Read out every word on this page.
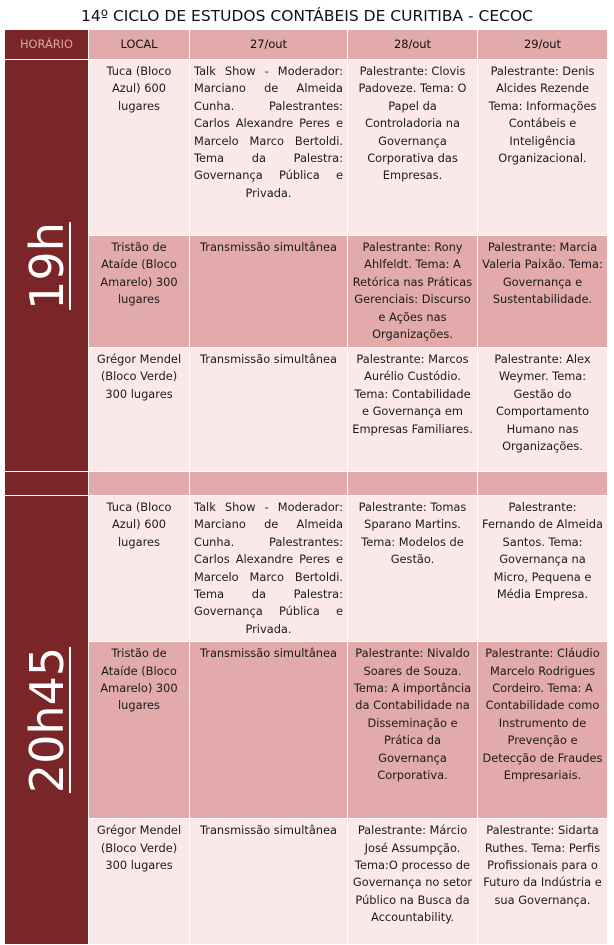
14º CICLO DE ESTUDOS CONTÁBEIS DE CURITIBA - CECOC
HORÁRIO	LOCAL	27/out	28/out	29/out

19h	Tuca (Bloco Azul) 600 lugares	Talk Show - Moderador: Marciano de Almeida Cunha. Palestrantes: Carlos Alexandre Peres e Marcelo Marco Bertoldi. Tema da Palestra: Governança Pública e Privada.	Palestrante: Clovis Padoveze. Tema: O Papel da Controladoria na Governança Corporativa das Empresas.	Palestrante: Denis Alcides Rezende Tema: Informações Contábeis e Inteligência Organizacional.
	Tristão de Ataíde (Bloco Amarelo) 300 lugares	Transmissão simultânea	Palestrante: Rony Ahlfeldt. Tema: A Retórica nas Práticas Gerenciais: Discurso e Ações nas Organizações.	Palestrante: Marcia Valeria Paixão. Tema: Governança e Sustentabilidade.
	Grégor Mendel (Bloco Verde) 300 lugares	Transmissão simultânea	Palestrante: Marcos Aurélio Custódio. Tema: Contabilidade e Governança em Empresas Familiares.	Palestrante: Alex Weymer. Tema: Gestão do Comportamento Humano nas Organizações.

20h45	Tuca (Bloco Azul) 600 lugares	Talk Show - Moderador: Marciano de Almeida Cunha. Palestrantes: Carlos Alexandre Peres e Marcelo Marco Bertoldi. Tema da Palestra: Governança Pública e Privada.	Palestrante: Tomas Sparano Martins. Tema: Modelos de Gestão.	Palestrante: Fernando de Almeida Santos. Tema: Governança na Micro, Pequena e Média Empresa.
	Tristão de Ataíde (Bloco Amarelo) 300 lugares	Transmissão simultânea	Palestrante: Nivaldo Soares de Souza. Tema: A importância da Contabilidade na Disseminação e Prática da Governança Corporativa.	Palestrante: Cláudio Marcelo Rodrigues Cordeiro. Tema: A Contabilidade como Instrumento de Prevenção e Detecção de Fraudes Empresariais.
	Grégor Mendel (Bloco Verde) 300 lugares	Transmissão simultânea	Palestrante: Márcio José Assumpção. Tema:O processo de Governança no setor Público na Busca da Accountability.	Palestrante: Sidarta Ruthes. Tema: Perfis Profissionais para o Futuro da Indústria e sua Governança.
